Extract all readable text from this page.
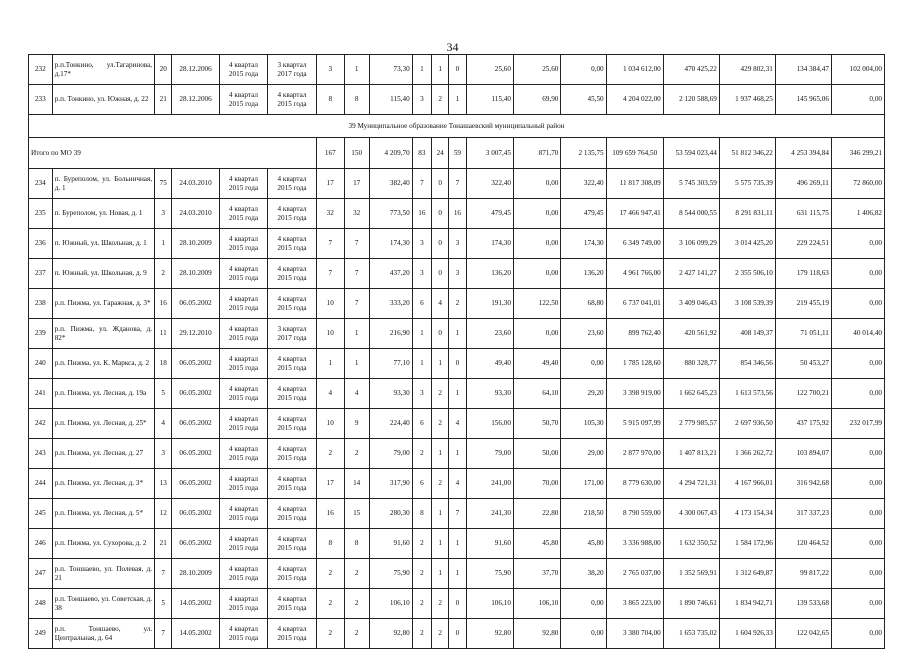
34
232	р.п.Тонкино, ул.Тагаринова, д.17*	20	28.12.2006	4 квартал 2015 года	3 квартал 2017 года	3	1	73,30	1	1	0	25,60	25,60	0,00	1 034 612,00	470 425,22	429 802,31	134 384,47	102 004,00
233	р.п. Тонкино, ул. Южная, д. 22	21	28.12.2006	4 квартал 2015 года	4 квартал 2015 года	8	8	115,40	3	2	1	115,40	69,90	45,50	4 204 022,00	2 120 588,69	1 937 468,25	145 965,06	0,00
39 Муниципальное образование Тонашаевский муниципальный район																			
Итого по МО 39						167	150	4 209,70	83	24	59	3 007,45	871,70	2 135,75	109 659 764,50	53 594 023,44	51 812 346,22	4 253 394,84	346 299,21
234	п. Буреполом, ул. Больничная, д. 1	75	24.03.2010	4 квартал 2015 года	4 квартал 2015 года	17	17	382,40	7	0	7	322,40	0,00	322,40	11 817 308,09	5 745 303,59	5 575 735,39	496 269,11	72 860,00
235	п. Буреполом, ул. Новая, д. 1	3	24.03.2010	4 квартал 2015 года	4 квартал 2015 года	32	32	773,50	16	0	16	479,45	0,00	479,45	17 466 947,41	8 544 000,55	8 291 831,11	631 115,75	1 406,82
236	п. Южный, ул. Школьная, д. 1	1	28.10.2009	4 квартал 2015 года	4 квартал 2015 года	7	7	174,30	3	0	3	174,30	0,00	174,30	6 349 749,00	3 106 099,29	3 014 425,20	229 224,51	0,00
237	п. Южный, ул. Школьная, д. 9	2	28.10.2009	4 квартал 2015 года	4 квартал 2015 года	7	7	437,20	3	0	3	136,20	0,00	136,20	4 961 766,00	2 427 141,27	2 355 506,10	179 118,63	0,00
238	р.п. Пижма, ул. Гаражная, д. 3*	16	06.05.2002	4 квартал 2015 года	4 квартал 2015 года	10	7	333,20	6	4	2	191,30	122,50	68,80	6 737 041,01	3 409 046,43	3 108 539,39	219 455,19	0,00
239	р.п. Пижма, ул. Ждановa, д. 82*	11	29.12.2010	4 квартал 2015 года	3 квартал 2017 года	10	1	216,90	1	0	1	23,60	0,00	23,60	899 762,40	420 561,92	408 149,37	71 051,11	40 014,40
240	р.п. Пижма, ул. К. Маркса, д. 2	18	06.05.2002	4 квартал 2015 года	4 квартал 2015 года	1	1	77,10	1	1	0	49,40	49,40	0,00	1 785 128,60	880 328,77	854 346,56	50 453,27	0,00
241	р.п. Пижма, ул. Лесная, д. 19а	5	06.05.2002	4 квартал 2015 года	4 квартал 2015 года	4	4	93,30	3	2	1	93,30	64,10	29,20	3 398 919,00	1 662 645,23	1 613 573,56	122 700,21	0,00
242	р.п. Пижма, ул. Лесная, д. 25*	4	06.05.2002	4 квартал 2015 года	4 квартал 2015 года	10	9	224,40	6	2	4	156,00	50,70	105,30	5 915 097,99	2 779 985,57	2 697 936,50	437 175,92	232 017,99
243	р.п. Пижма, ул. Лесная, д. 27	3	06.05.2002	4 квартал 2015 года	4 квартал 2015 года	2	2	79,00	2	1	1	79,00	50,00	29,00	2 877 970,00	1 407 813,21	1 366 262,72	103 894,07	0,00
244	р.п. Пижма, ул. Лесная, д. 3*	13	06.05.2002	4 квартал 2015 года	4 квартал 2015 года	17	14	317,90	6	2	4	241,00	70,00	171,00	8 779 630,00	4 294 721,31	4 167 966,01	316 942,68	0,00
245	р.п. Пижма, ул. Лесная, д. 5*	12	06.05.2002	4 квартал 2015 года	4 квартал 2015 года	16	15	280,30	8	1	7	241,30	22,80	218,50	8 790 559,00	4 300 067,43	4 173 154,34	317 337,23	0,00
246	р.п. Пижма, ул. Сухорова, д. 2	21	06.05.2002	4 квартал 2015 года	4 квартал 2015 года	8	8	91,60	2	1	1	91,60	45,80	45,80	3 336 988,00	1 632 350,52	1 584 172,96	120 464,52	0,00
247	р.п. Тоншаево, ул. Полевая, д. 21	7	28.10.2009	4 квартал 2015 года	4 квартал 2015 года	2	2	75,90	2	1	1	75,90	37,70	38,20	2 765 037,00	1 352 569,91	1 312 649,87	99 817,22	0,00
248	р.п. Тоншаево, ул. Советская, д. 38	5	14.05.2002	4 квартал 2015 года	4 квартал 2015 года	2	2	106,10	2	2	0	106,10	106,10	0,00	3 865 223,00	1 890 746,61	1 834 942,71	139 533,68	0,00
249	р.п. Тоншаево, ул. Центральная, д. 64	7	14.05.2002	4 квартал 2015 года	4 квартал 2015 года	2	2	92,80	2	2	0	92,80	92,80	0,00	3 380 704,00	1 653 735,02	1 604 926,33	122 042,65	0,00
